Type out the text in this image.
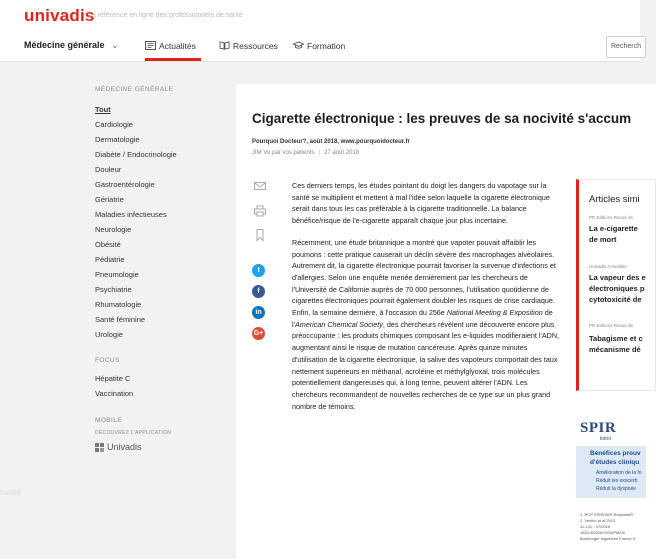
univadis
La référence en ligne des professionnels de santé
Médecine générale ⌄	Actualités	Ressources	Formation	Recherch
MÉDECINE GÉNÉRALE
Tout
Cardiologie
Dermatologie
Diabète / Endocrinologie
Douleur
Gastroentérologie
Gériatrie
Maladies infectieuses
Neurologie
Obésité
Pédiatrie
Pneumologie
Psychiatrie
Rhumatologie
Santé féminine
Urologie
FOCUS
Hépatite C
Vaccination
MOBILE
DÉCOUVREZ L'APPLICATION
Univadis
tualité
Cigarette électronique : les preuves de sa nocivité s'accum
Pourquoi Docteur?, août 2018, www.pourquoidocteur.fr
JIM Vu par vos patients | 27 août 2018
t
f
in
G+

Ces derniers temps, les études pointant du doigt les dangers du vapotage sur la santé se multiplient et mettent à mal l'idée selon laquelle la cigarette électronique serait dans tous les cas préférable à la cigarette traditionnelle. La balance bénéfice/risque de l'e-cigarette apparaît chaque jour plus incertaine.

Récemment, une étude britannique a montré que vapoter pouvait affaiblir les poumons : cette pratique causerait un déclin sévère des macrophages alvéolaires. Autrement dit, la cigarette électronique pourrait favoriser la survenue d'infections et d'allergies. Selon une enquête menée dernièrement par les chercheurs de l'Université de Californie auprès de 70 000 personnes, l'utilisation quotidienne de cigarettes électroniques pourrait également doubler les risques de crise cardiaque. Enfin, la semaine dernière, à l'occasion du 256e National Meeting & Exposition de l'American Chemical Society, des chercheurs révèlent une découverte encore plus préoccupante : les produits chimiques composant les e-liquides modifieraient l'ADN, augmentant ainsi le risque de mutation cancéreuse. Après quinze minutes d'utilisation de la cigarette électronique, la salive des vapoteurs comportait des taux nettement supérieurs en méthanal, acroléine et méthylglyoxal, trois molécules potentiellement dangereuses qui, à long terme, peuvent altérer l'ADN. Les chercheurs recommandent de nouvelles recherches de ce type sur un plus grand nombre de témoins.

Articles simi
PR Editions Revue de
La e-cigarette
de mort
Univadis Actualités
La vapeur des e
électroniques p
cytotoxicité de
PR Editions Revue de
Tabagisme et c
mécanisme dé
SPIR
tiotro
Bénéfices prouv
d'études cliniqu
Amélioration de la fo
Réduit les exacerb
Réduit la dyspnée
1. RCP SPIRIVA® Respimat®
2. Vestbo et al 2012
11-101 - 07/2016
16/01/62029/2016/PM/00
Boehringer Ingelheim France S
